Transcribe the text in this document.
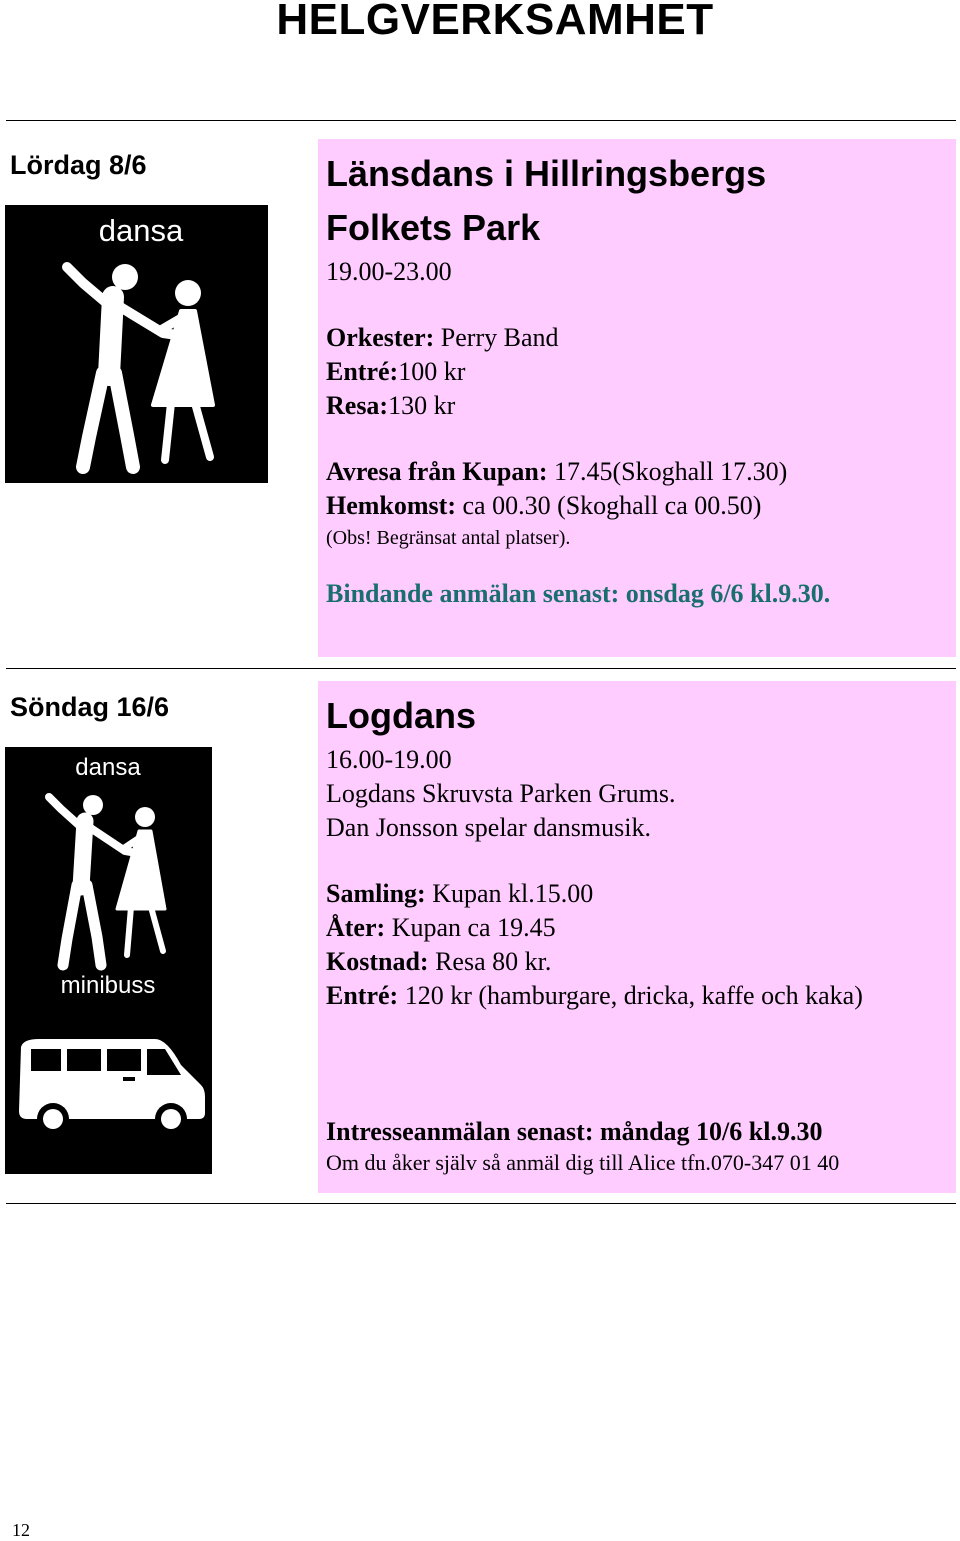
HELGVERKSAMHET
Lördag 8/6
dansa
Länsdans i Hillringsbergs
Folkets Park
19.00-23.00
Orkester: Perry Band
Entré:100 kr
Resa:130 kr
Avresa från Kupan: 17.45(Skoghall 17.30)
Hemkomst: ca 00.30 (Skoghall ca 00.50)
(Obs! Begränsat antal platser).
Bindande anmälan senast: onsdag 6/6 kl.9.30.
Söndag 16/6
dansa
minibuss
Logdans
16.00-19.00
Logdans Skruvsta Parken Grums.
Dan Jonsson spelar dansmusik.
Samling: Kupan kl.15.00
Åter: Kupan ca 19.45
Kostnad: Resa 80 kr.
Entré: 120 kr (hamburgare, dricka, kaffe och kaka)
Intresseanmälan senast: måndag 10/6 kl.9.30
Om du åker själv så anmäl dig till Alice tfn.070-347 01 40
12
